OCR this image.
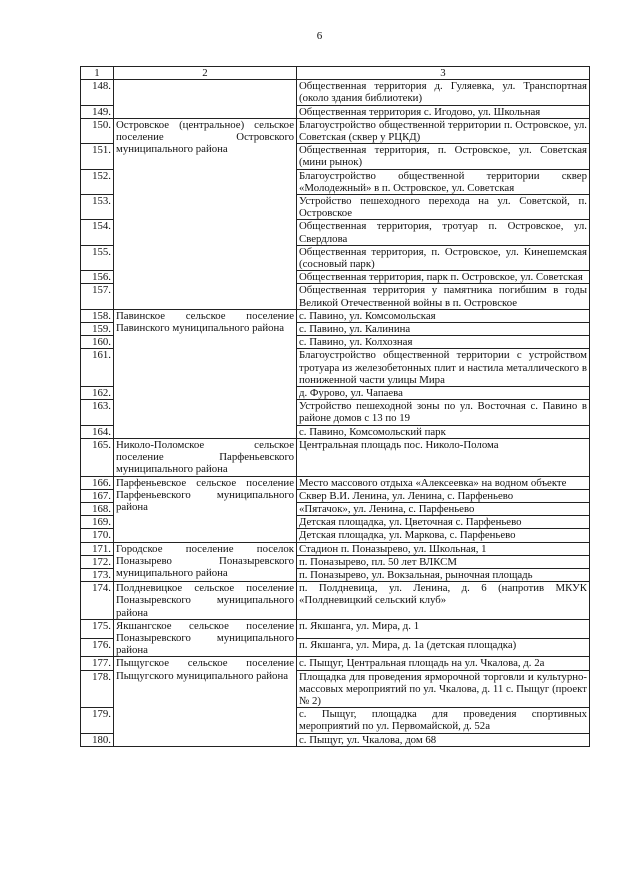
6
1	2	3
148.		Общественная территория д. Гуляевка, ул. Транспортная (около здания библиотеки)
149.		Общественная территория с. Игодово, ул. Школьная
150.	Островское (центральное) сельское поселение Островского муниципального района	Благоустройство общественной территории п. Островское, ул. Советская (сквер у РЦКД)
151.		Общественная территория, п. Островское, ул. Советская (мини рынок)
152.		Благоустройство общественной территории сквер «Молодежный» в п. Островское, ул. Советская
153.		Устройство пешеходного перехода на ул. Советской, п. Островское
154.		Общественная территория, тротуар п. Островское, ул. Свердлова
155.		Общественная территория, п. Островское, ул. Кинешемская (сосновый парк)
156.		Общественная территория, парк п. Островское, ул. Советская
157.		Общественная территория у памятника погибшим в годы Великой Отечественной войны в п. Островское
158.	Павинское сельское поселение Павинского муниципального района	с. Павино, ул. Комсомольская
159.		с. Павино, ул. Калинина
160.		с. Павино, ул. Колхозная
161.		Благоустройство общественной территории с устройством тротуара из железобетонных плит и настила металлического в пониженной части улицы Мира
162.		д. Фурово, ул. Чапаева
163.		Устройство пешеходной зоны по ул. Восточная с. Павино в районе домов с 13 по 19
164.		с. Павино, Комсомольский парк
165.	Николо-Поломское сельское поселение Парфеньевского муниципального района	Центральная площадь пос. Николо-Полома
166.	Парфеньевское сельское поселение Парфеньевского муниципального района	Место массового отдыха «Алексеевка» на водном объекте
167.		Сквер В.И. Ленина, ул. Ленина, с. Парфеньево
168.		«Пятачок», ул. Ленина, с. Парфеньево
169.		Детская площадка, ул. Цветочная с. Парфеньево
170.		Детская площадка, ул. Маркова, с. Парфеньево
171.	Городское поселение поселок Поназырево Поназыревского муниципального района	Стадион п. Поназырево, ул. Школьная, 1
172.		п. Поназырево, пл. 50 лет ВЛКСМ
173.		п. Поназырево, ул. Вокзальная, рыночная площадь
174.	Полдневицкое сельское поселение Поназыревского муниципального района	п. Полдневица, ул. Ленина, д. 6 (напротив МКУК «Полдневицкий сельский клуб»
175.	Якшангское сельское поселение Поназыревского муниципального района	п. Якшанга, ул. Мира, д. 1
176.		п. Якшанга, ул. Мира, д. 1а (детская площадка)
177.	Пыщугское сельское поселение Пыщугского муниципального района	с. Пыщуг, Центральная площадь на ул. Чкалова, д. 2а
178.		Площадка для проведения ярморочной торговли и культурно-массовых мероприятий по ул. Чкалова, д. 11 с. Пыщуг (проект № 2)
179.		с. Пыщуг, площадка для проведения спортивных мероприятий по ул. Первомайской, д. 52а
180.		с. Пыщуг, ул. Чкалова, дом 68
